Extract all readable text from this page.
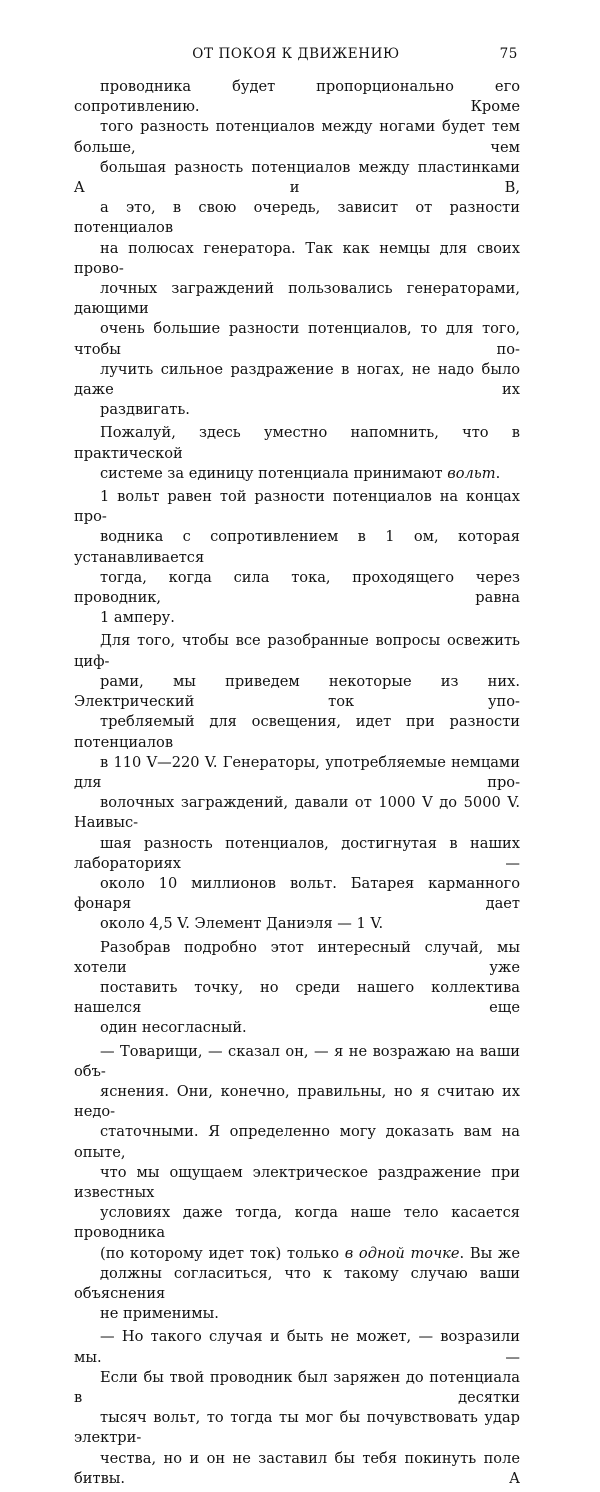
ОТ ПОКОЯ К ДВИЖЕНИЮ	75

проводника будет пропорционально его сопротивлению. Кроме
того разность потенциалов между ногами будет тем больше, чем
большая разность потенциалов между пластинками A и B,
а это, в свою очередь, зависит от разности потенциалов
на полюсах генератора. Так как немцы для своих прово-
лочных заграждений пользовались генераторами, дающими
очень большие разности потенциалов, то для того, чтобы по-
лучить сильное раздражение в ногах, не надо было даже их
раздвигать.

Пожалуй, здесь уместно напомнить, что в практической
системе за единицу потенциала принимают вольт.

1 вольт равен той разности потенциалов на концах про-
водника с сопротивлением в 1 ом, которая устанавливается
тогда, когда сила тока, проходящего через проводник, равна
1 амперу.

Для того, чтобы все разобранные вопросы освежить циф-
рами, мы приведем некоторые из них. Электрический ток упо-
требляемый для освещения, идет при разности потенциалов
в 110 V—220 V. Генераторы, употребляемые немцами для про-
волочных заграждений, давали от 1000 V до 5000 V. Наивыс-
шая разность потенциалов, достигнутая в наших лабораториях —
около 10 миллионов вольт. Батарея карманного фонаря дает
около 4,5 V. Элемент Даниэля — 1 V.

Разобрав подробно этот интересный случай, мы хотели уже
поставить точку, но среди нашего коллектива нашелся еще
один несогласный.

— Товарищи, — сказал он, — я не возражаю на ваши объ-
яснения. Они, конечно, правильны, но я считаю их недо-
статочными. Я определенно могу доказать вам на опыте,
что мы ощущаем электрическое раздражение при известных
условиях даже тогда, когда наше тело касается проводника
(по которому идет ток) только в одной точке. Вы же
должны согласиться, что к такому случаю ваши объяснения
не применимы.

— Но такого случая и быть не может, — возразили мы. —
Если бы твой проводник был заряжен до потенциала в десятки
тысяч вольт, то тогда ты мог бы почувствовать удар электри-
чества, но и он не заставил бы тебя покинуть поле битвы. А
